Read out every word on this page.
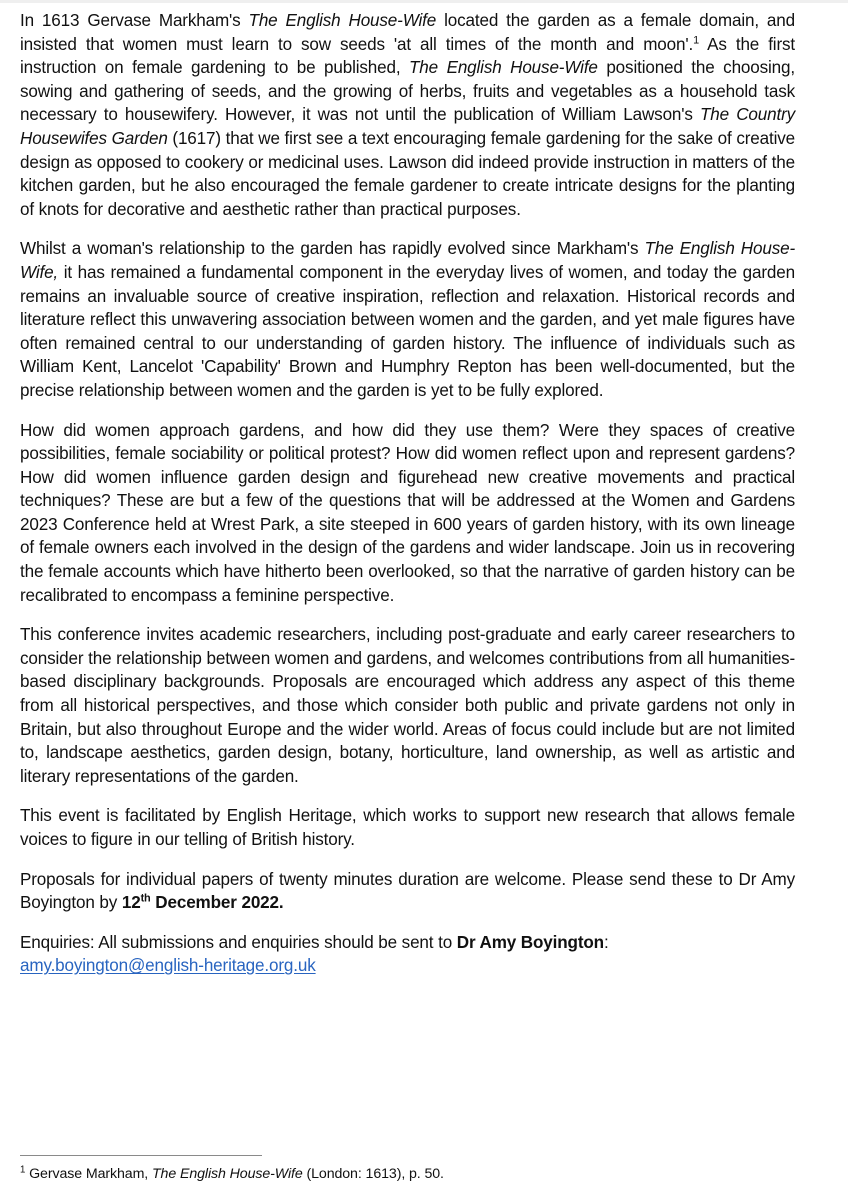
In 1613 Gervase Markham's The English House-Wife located the garden as a female domain, and insisted that women must learn to sow seeds 'at all times of the month and moon'.$^1$ As the first instruction on female gardening to be published, The English House-Wife positioned the choosing, sowing and gathering of seeds, and the growing of herbs, fruits and vegetables as a household task necessary to housewifery. However, it was not until the publication of William Lawson's The Country Housewifes Garden (1617) that we first see a text encouraging female gardening for the sake of creative design as opposed to cookery or medicinal uses. Lawson did indeed provide instruction in matters of the kitchen garden, but he also encouraged the female gardener to create intricate designs for the planting of knots for decorative and aesthetic rather than practical purposes.

Whilst a woman's relationship to the garden has rapidly evolved since Markham's The English House-Wife, it has remained a fundamental component in the everyday lives of women, and today the garden remains an invaluable source of creative inspiration, reflection and relaxation. Historical records and literature reflect this unwavering association between women and the garden, and yet male figures have often remained central to our understanding of garden history. The influence of individuals such as William Kent, Lancelot 'Capability' Brown and Humphry Repton has been well-documented, but the precise relationship between women and the garden is yet to be fully explored.

How did women approach gardens, and how did they use them? Were they spaces of creative possibilities, female sociability or political protest? How did women reflect upon and represent gardens? How did women influence garden design and figurehead new creative movements and practical techniques? These are but a few of the questions that will be addressed at the Women and Gardens 2023 Conference held at Wrest Park, a site steeped in 600 years of garden history, with its own lineage of female owners each involved in the design of the gardens and wider landscape. Join us in recovering the female accounts which have hitherto been overlooked, so that the narrative of garden history can be recalibrated to encompass a feminine perspective.

This conference invites academic researchers, including post-graduate and early career researchers to consider the relationship between women and gardens, and welcomes contributions from all humanities-based disciplinary backgrounds. Proposals are encouraged which address any aspect of this theme from all historical perspectives, and those which consider both public and private gardens not only in Britain, but also throughout Europe and the wider world. Areas of focus could include but are not limited to, landscape aesthetics, garden design, botany, horticulture, land ownership, as well as artistic and literary representations of the garden.

This event is facilitated by English Heritage, which works to support new research that allows female voices to figure in our telling of British history.

Proposals for individual papers of twenty minutes duration are welcome. Please send these to Dr Amy Boyington by 12th December 2022.

Enquiries: All submissions and enquiries should be sent to Dr Amy Boyington:
amy.boyington@english-heritage.org.uk

$^1$ Gervase Markham, The English House-Wife (London: 1613), p. 50.
